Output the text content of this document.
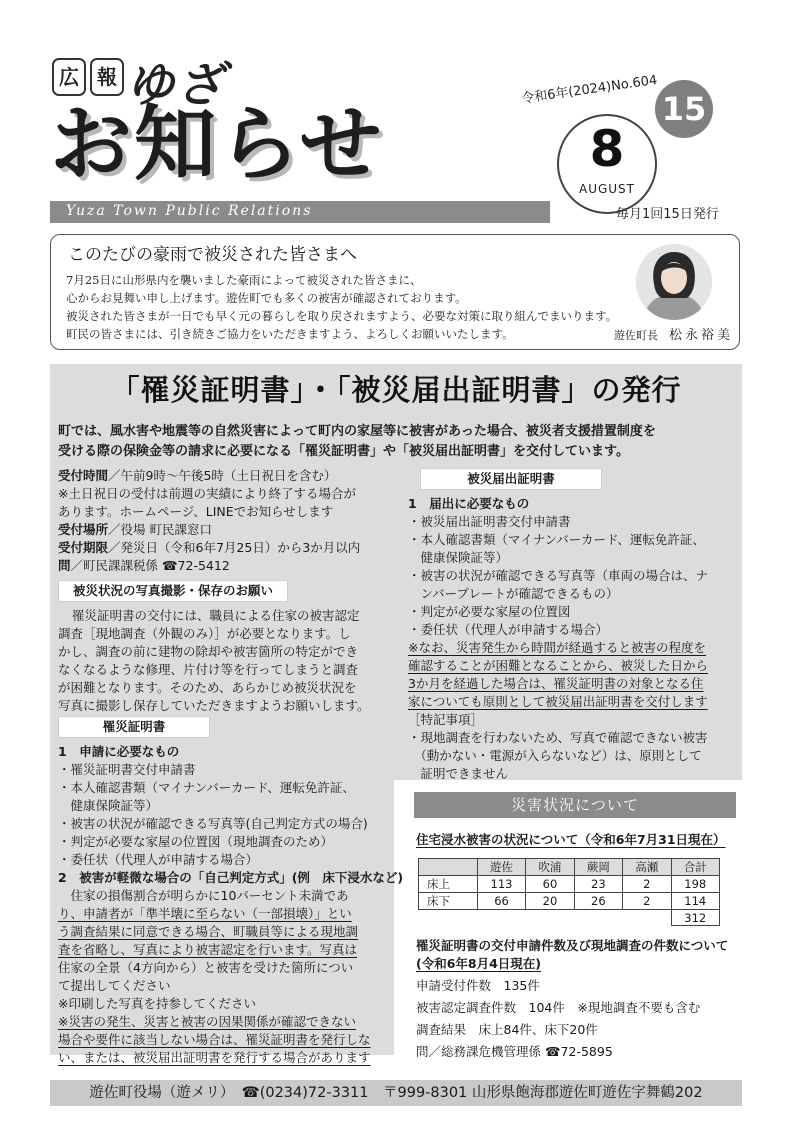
広 報 ゆざ
お知らせ
Yuza Town Public Relations
令和6年(2024)No.604
15
8
AUGUST
毎月1回15日発行
このたびの豪雨で被災された皆さまへ
7月25日に山形県内を襲いました豪雨によって被災された皆さまに、
心からお見舞い申し上げます。遊佐町でも多くの被害が確認されております。
被災された皆さまが一日でも早く元の暮らしを取り戻されますよう、必要な対策に取り組んでまいります。
町民の皆さまには、引き続きご協力をいただきますよう、よろしくお願いいたします。	遊佐町長　 松永裕美
「罹災証明書」・「被災届出証明書」の発行
町では、風水害や地震等の自然災害によって町内の家屋等に被害があった場合、被災者支援措置制度を
受ける際の保険金等の請求に必要になる「罹災証明書」や「被災届出証明書」を交付しています。
受付時間／午前9時～午後5時（土日祝日を含む）
※土日祝日の受付は前週の実績により終了する場合が
あります。ホームページ、LINEでお知らせします
受付場所／役場 町民課窓口
受付期限／発災日（令和6年7月25日）から3か月以内
問／町民課課税係 ☎72-5412
被災状況の写真撮影・保存のお願い
罹災証明書の交付には、職員による住家の被害認定
調査［現地調査（外観のみ）］が必要となります。し
かし、調査の前に建物の除却や被害箇所の特定ができ
なくなるような修理、片付け等を行ってしまうと調査
が困難となります。そのため、あらかじめ被災状況を
写真に撮影し保存していただきますようお願いします。
罹災証明書
1　申請に必要なもの
・罹災証明書交付申請書
・本人確認書類（マイナンバーカード、運転免許証、
　健康保険証等）
・被害の状況が確認できる写真等(自己判定方式の場合)
・判定が必要な家屋の位置図（現地調査のため）
・委任状（代理人が申請する場合）
2　被害が軽微な場合の「自己判定方式」(例　床下浸水など)
　住家の損傷割合が明らかに10パーセント未満であ
り、申請者が「準半壊に至らない（一部損壊）」とい
う調査結果に同意できる場合、町職員等による現地調
査を省略し、写真により被害認定を行います。写真は
住家の全景（4方向から）と被害を受けた箇所につい
て提出してください
※印刷した写真を持参してください
※災害の発生、災害と被害の因果関係が確認できない
場合や要件に該当しない場合は、罹災証明書を発行しな
い、または、被災届出証明書を発行する場合があります
被災届出証明書
1　届出に必要なもの
・被災届出証明書交付申請書
・本人確認書類（マイナンバーカード、運転免許証、
　健康保険証等）
・被害の状況が確認できる写真等（車両の場合は、ナ
　ンバープレートが確認できるもの）
・判定が必要な家屋の位置図
・委任状（代理人が申請する場合）
※なお、災害発生から時間が経過すると被害の程度を
確認することが困難となることから、被災した日から
3か月を経過した場合は、罹災証明書の対象となる住
家についても原則として被災届出証明書を交付します
［特記事項］
・現地調査を行わないため、写真で確認できない被害
　（動かない・電源が入らないなど）は、原則として
　証明できません
災害状況について
住宅浸水被害の状況について（令和6年7月31日現在）
	遊佐	吹浦	蕨岡	高瀬	合計
床上	113	60	23	2	198
床下	66	20	26	2	114
					312
罹災証明書の交付申請件数及び現地調査の件数について
(令和6年8月4日現在)
申請受付件数　135件
被害認定調査件数　104件　※現地調査不要も含む
調査結果　床上84件、床下20件
問／総務課危機管理係 ☎72-5895
遊佐町役場（遊メリ）　☎(0234)72-3311　〒999-8301 山形県飽海郡遊佐町遊佐字舞鶴202
